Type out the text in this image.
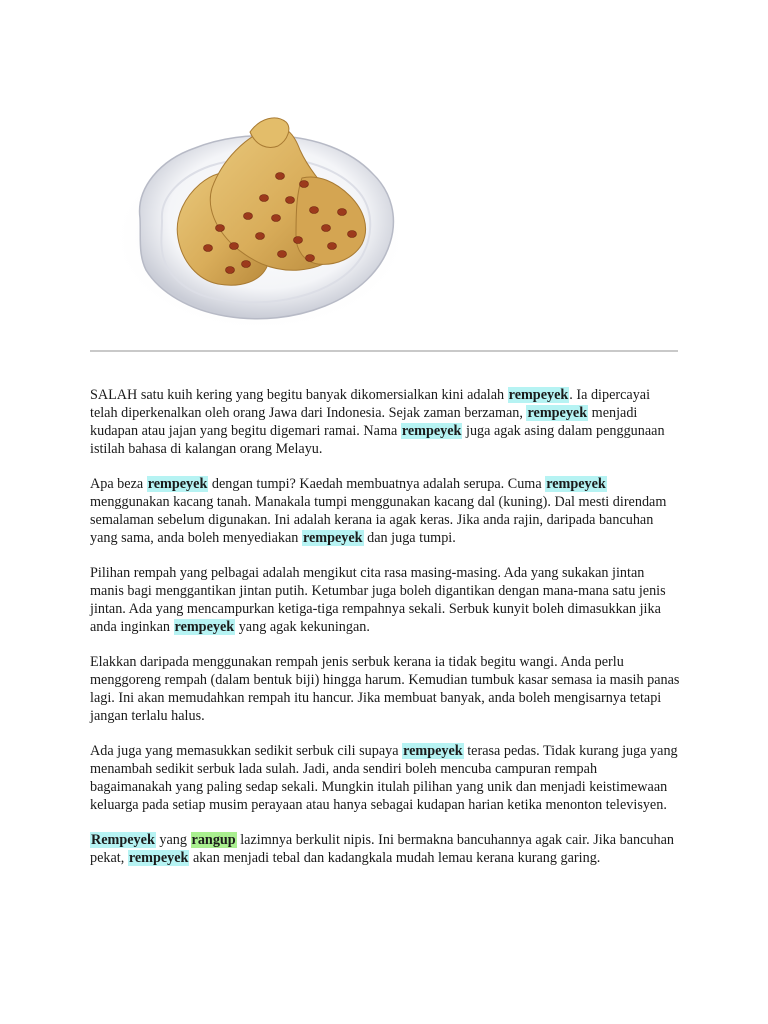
SALAH satu kuih kering yang begitu banyak dikomersialkan kini adalah rempeyek. Ia dipercayai telah diperkenalkan oleh orang Jawa dari Indonesia. Sejak zaman berzaman, rempeyek menjadi kudapan atau jajan yang begitu digemari ramai. Nama rempeyek juga agak asing dalam penggunaan istilah bahasa di kalangan orang Melayu.

Apa beza rempeyek dengan tumpi? Kaedah membuatnya adalah serupa. Cuma rempeyek menggunakan kacang tanah. Manakala tumpi menggunakan kacang dal (kuning). Dal mesti direndam semalaman sebelum digunakan. Ini adalah kerana ia agak keras. Jika anda rajin, daripada bancuhan yang sama, anda boleh menyediakan rempeyek dan juga tumpi.

Pilihan rempah yang pelbagai adalah mengikut cita rasa masing-masing. Ada yang sukakan jintan manis bagi menggantikan jintan putih. Ketumbar juga boleh digantikan dengan mana-mana satu jenis jintan. Ada yang mencampurkan ketiga-tiga rempahnya sekali. Serbuk kunyit boleh dimasukkan jika anda inginkan rempeyek yang agak kekuningan.

Elakkan daripada menggunakan rempah jenis serbuk kerana ia tidak begitu wangi. Anda perlu menggoreng rempah (dalam bentuk biji) hingga harum. Kemudian tumbuk kasar semasa ia masih panas lagi. Ini akan memudahkan rempah itu hancur. Jika membuat banyak, anda boleh mengisarnya tetapi jangan terlalu halus.

Ada juga yang memasukkan sedikit serbuk cili supaya rempeyek terasa pedas. Tidak kurang juga yang menambah sedikit serbuk lada sulah. Jadi, anda sendiri boleh mencuba campuran rempah bagaimanakah yang paling sedap sekali. Mungkin itulah pilihan yang unik dan menjadi keistimewaan keluarga pada setiap musim perayaan atau hanya sebagai kudapan harian ketika menonton televisyen.

Rempeyek yang rangup lazimnya berkulit nipis. Ini bermakna bancuhannya agak cair. Jika bancuhan pekat, rempeyek akan menjadi tebal dan kadangkala mudah lemau kerana kurang garing.
